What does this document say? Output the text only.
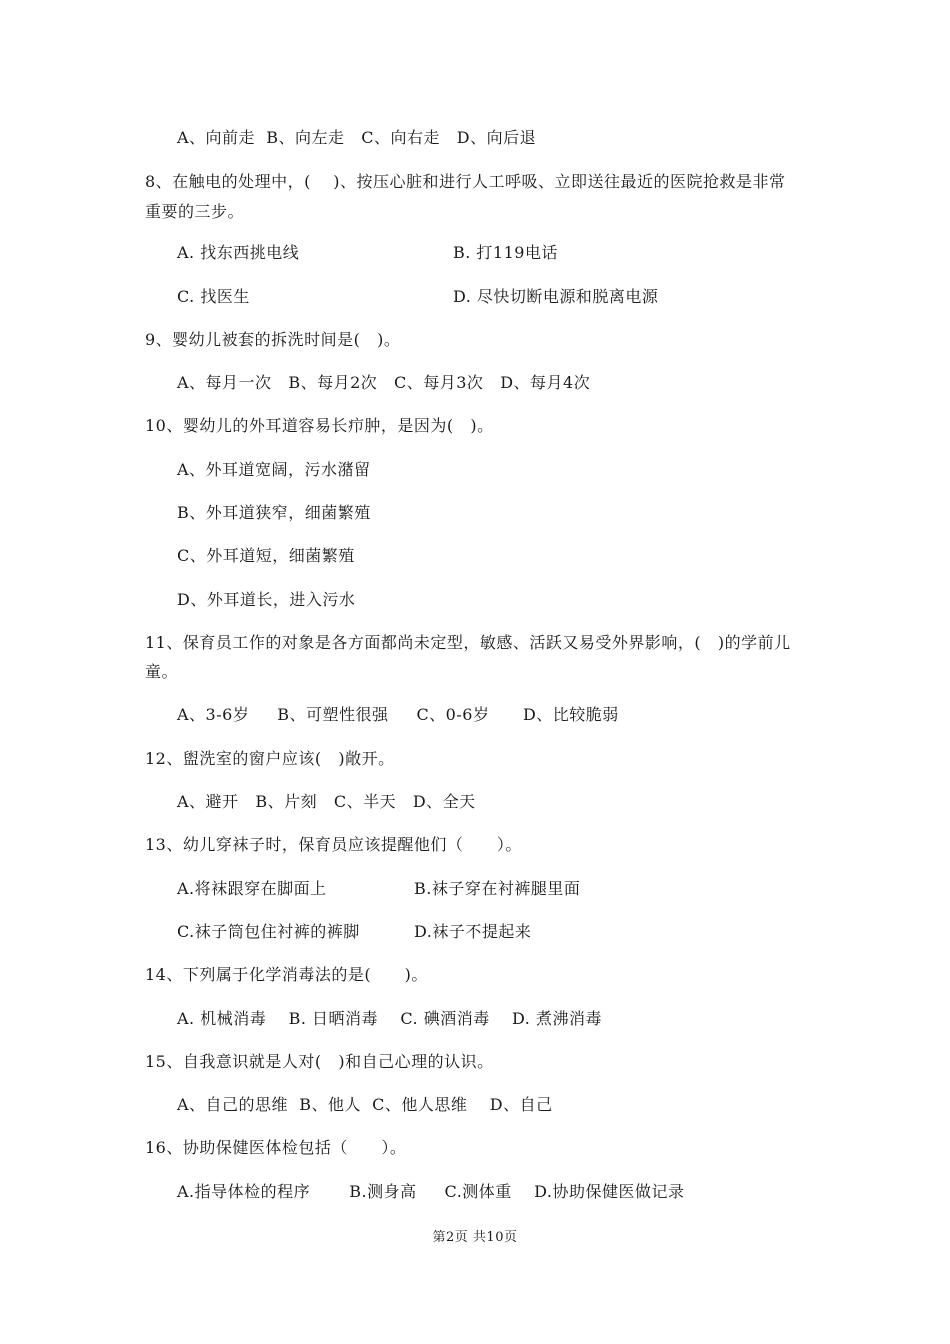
A、向前走  B、向左走   C、向右走   D、向后退
8、在触电的处理中，(    )、按压心脏和进行人工呼吸、立即送往最近的医院抢救是非常
重要的三步。
A. 找东西挑电线	B. 打119电话
C. 找医生	D. 尽快切断电源和脱离电源
9、婴幼儿被套的拆洗时间是(   )。
A、每月一次   B、每月2次   C、每月3次   D、每月4次
10、婴幼儿的外耳道容易长疖肿，是因为(   )。
A、外耳道宽阔，污水潴留
B、外耳道狭窄，细菌繁殖
C、外耳道短，细菌繁殖
D、外耳道长，进入污水
11、保育员工作的对象是各方面都尚未定型，敏感、活跃又易受外界影响，(   )的学前儿
童。
A、3-6岁     B、可塑性很强     C、0-6岁      D、比较脆弱
12、盥洗室的窗户应该(   )敞开。
A、避开   B、片刻   C、半天   D、全天
13、幼儿穿袜子时，保育员应该提醒他们（      ）。
A.将袜跟穿在脚面上	B.袜子穿在衬裤腿里面
C.袜子筒包住衬裤的裤脚	D.袜子不提起来
14、下列属于化学消毒法的是(      )。
A. 机械消毒    B. 日晒消毒    C. 碘酒消毒    D. 煮沸消毒
15、自我意识就是人对(   )和自己心理的认识。
A、自己的思维  B、他人  C、他人思维    D、自己
16、协助保健医体检包括（      ）。
A.指导体检的程序       B.测身高     C.测体重    D.协助保健医做记录
第2页 共10页
